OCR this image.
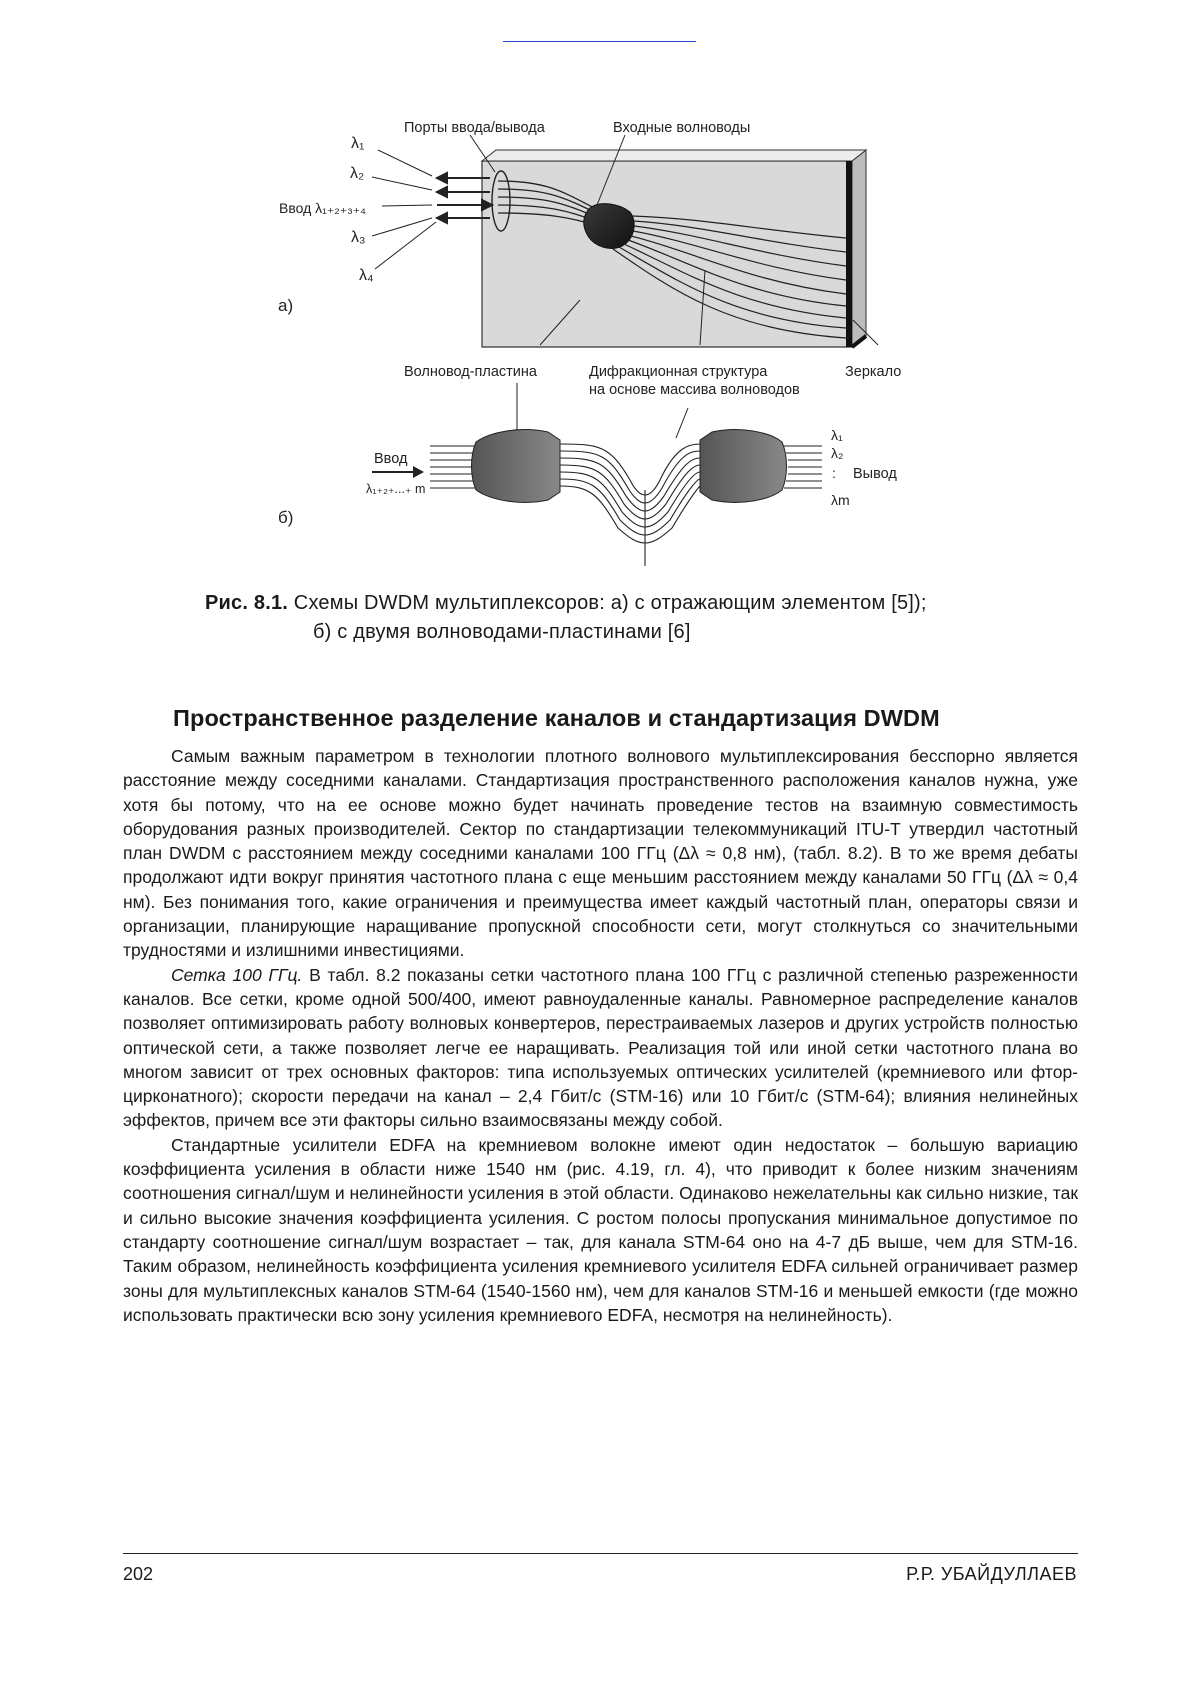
λ₁
λ₂
Ввод λ₁₊₂₊₃₊₄
λ₃
λ₄
Порты ввода/вывода	Входные волноводы
а)
Волновод-пластина	Дифракционная структура
на основе массива волноводов
Зеркало
Ввод
λ₁₊₂₊...₊ m
λ₁
λ₂
:
λm
Вывод
б)
Рис. 8.1. Схемы DWDM мультиплексоров: а) с отражающим элементом [5]);
б) с двумя волноводами-пластинами [6]
Пространственное разделение каналов и стандартизация DWDM

Самым важным параметром в технологии плотного волнового мультиплексирования бесспорно является расстояние между соседними каналами. Стандартизация пространственного расположения каналов нужна, уже хотя бы потому, что на ее основе можно будет начинать проведение тестов на взаимную совместимость оборудования разных производителей. Сектор по стандартизации телекоммуникаций ITU-T утвердил частотный план DWDM с расстоянием между соседними каналами 100 ГГц (Δλ ≈ 0,8 нм), (табл. 8.2). В то же время дебаты продолжают идти вокруг принятия частотного плана с еще меньшим расстоянием между каналами 50 ГГц (Δλ ≈ 0,4 нм). Без понимания того, какие ограничения и преимущества имеет каждый частотный план, операторы связи и организации, планирующие наращивание пропускной способности сети, могут столкнуться со значительными трудностями и излишними инвестициями.

Сетка 100 ГГц. В табл. 8.2 показаны сетки частотного плана 100 ГГц с различной степенью разреженности каналов. Все сетки, кроме одной 500/400, имеют равноудаленные каналы. Равномерное распределение каналов позволяет оптимизировать работу волновых конвертеров, перестраиваемых лазеров и других устройств полностью оптической сети, а также позволяет легче ее наращивать. Реализация той или иной сетки частотного плана во многом зависит от трех основных факторов: типа используемых оптических усилителей (кремниевого или фтор-цирконатного); скорости передачи на канал – 2,4 Гбит/с (STM-16) или 10 Гбит/с (STM-64); влияния нелинейных эффектов, причем все эти факторы сильно взаимосвязаны между собой.

Стандартные усилители EDFA на кремниевом волокне имеют один недостаток – большую вариацию коэффициента усиления в области ниже 1540 нм (рис. 4.19, гл. 4), что приводит к более низким значениям соотношения сигнал/шум и нелинейности усиления в этой области. Одинаково нежелательны как сильно низкие, так и сильно высокие значения коэффициента усиления. С ростом полосы пропускания минимальное допустимое по стандарту соотношение сигнал/шум возрастает – так, для канала STM-64 оно на 4-7 дБ выше, чем для STM-16. Таким образом, нелинейность коэффициента усиления кремниевого усилителя EDFA сильней ограничивает размер зоны для мультиплексных каналов STM-64 (1540-1560 нм), чем для каналов STM-16 и меньшей емкости (где можно использовать практически всю зону усиления кремниевого EDFA, несмотря на нелинейность).

202	Р.Р. УБАЙДУЛЛАЕВ
